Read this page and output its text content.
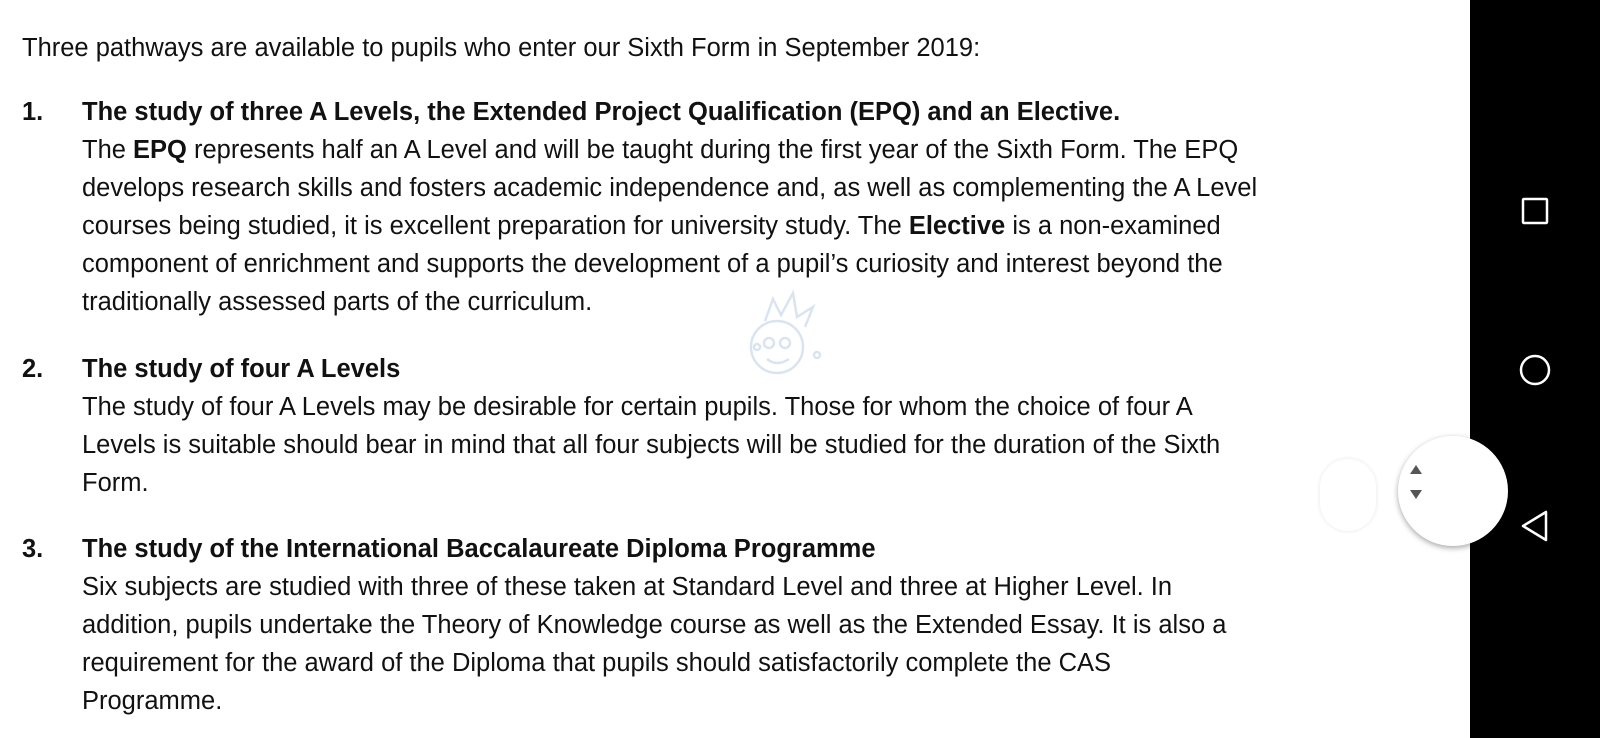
Three pathways are available to pupils who enter our Sixth Form in September 2019:
1. The study of three A Levels, the Extended Project Qualification (EPQ) and an Elective.
The EPQ represents half an A Level and will be taught during the first year of the Sixth Form. The EPQ
develops research skills and fosters academic independence and, as well as complementing the A Level
courses being studied, it is excellent preparation for university study. The Elective is a non-examined
component of enrichment and supports the development of a pupil’s curiosity and interest beyond the
traditionally assessed parts of the curriculum.
2. The study of four A Levels
The study of four A Levels may be desirable for certain pupils. Those for whom the choice of four A
Levels is suitable should bear in mind that all four subjects will be studied for the duration of the Sixth
Form.
3. The study of the International Baccalaureate Diploma Programme
Six subjects are studied with three of these taken at Standard Level and three at Higher Level. In
addition, pupils undertake the Theory of Knowledge course as well as the Extended Essay. It is also a
requirement for the award of the Diploma that pupils should satisfactorily complete the CAS
Programme.
